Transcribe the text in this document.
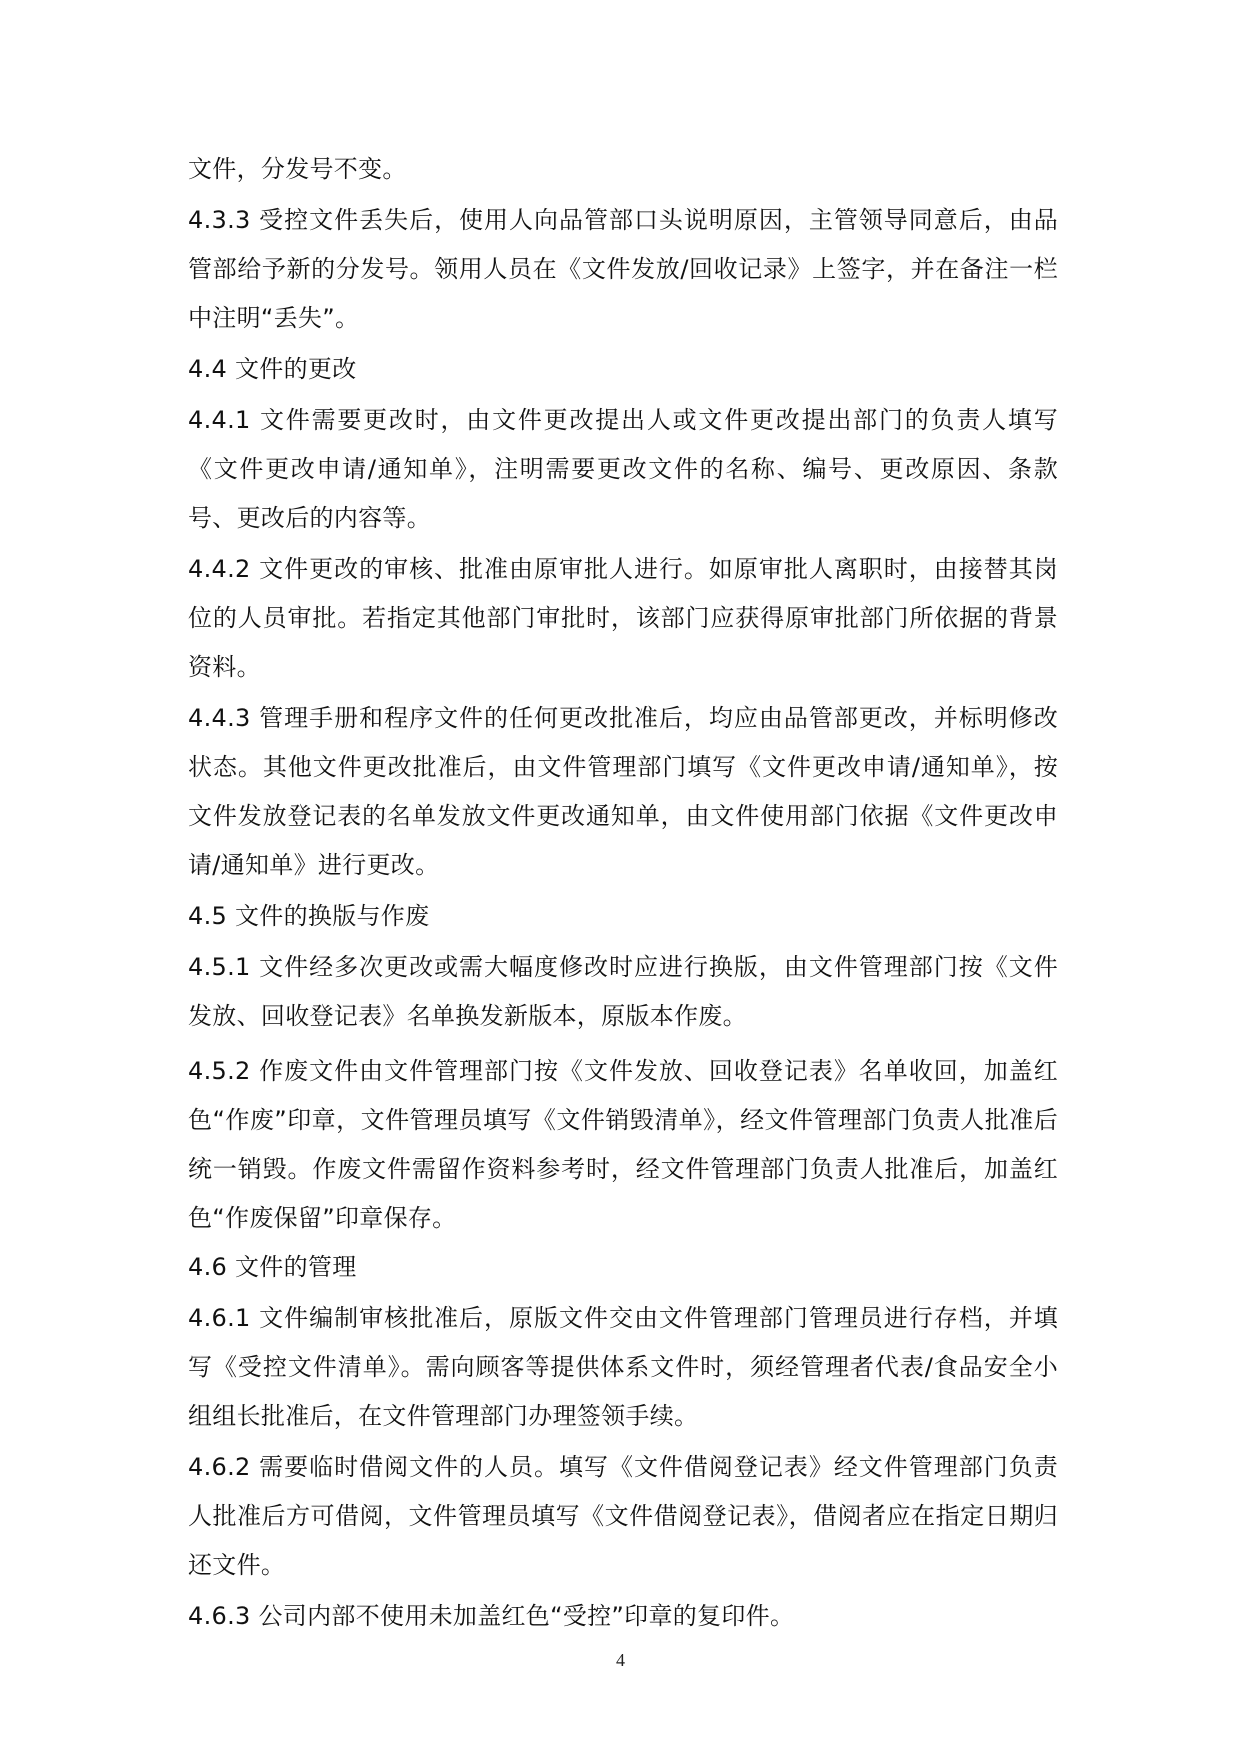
文件，分发号不变。

4.3.3 受控文件丢失后，使用人向品管部口头说明原因，主管领导同意后，由品管部给予新的分发号。领用人员在《文件发放/回收记录》上签字，并在备注一栏中注明“丢失”。

4.4 文件的更改

4.4.1 文件需要更改时，由文件更改提出人或文件更改提出部门的负责人填写《文件更改申请/通知单》，注明需要更改文件的名称、编号、更改原因、条款号、更改后的内容等。

4.4.2 文件更改的审核、批准由原审批人进行。如原审批人离职时，由接替其岗位的人员审批。若指定其他部门审批时，该部门应获得原审批部门所依据的背景资料。

4.4.3 管理手册和程序文件的任何更改批准后，均应由品管部更改，并标明修改状态。其他文件更改批准后，由文件管理部门填写《文件更改申请/通知单》，按文件发放登记表的名单发放文件更改通知单，由文件使用部门依据《文件更改申请/通知单》进行更改。

4.5 文件的换版与作废

4.5.1 文件经多次更改或需大幅度修改时应进行换版，由文件管理部门按《文件发放、回收登记表》名单换发新版本，原版本作废。

4.5.2 作废文件由文件管理部门按《文件发放、回收登记表》名单收回，加盖红色“作废”印章，文件管理员填写《文件销毁清单》，经文件管理部门负责人批准后统一销毁。作废文件需留作资料参考时，经文件管理部门负责人批准后，加盖红色“作废保留”印章保存。

4.6 文件的管理

4.6.1 文件编制审核批准后，原版文件交由文件管理部门管理员进行存档，并填写《受控文件清单》。需向顾客等提供体系文件时，须经管理者代表/食品安全小组组长批准后，在文件管理部门办理签领手续。

4.6.2 需要临时借阅文件的人员。填写《文件借阅登记表》经文件管理部门负责人批准后方可借阅，文件管理员填写《文件借阅登记表》，借阅者应在指定日期归还文件。

4.6.3 公司内部不使用未加盖红色“受控”印章的复印件。

4
